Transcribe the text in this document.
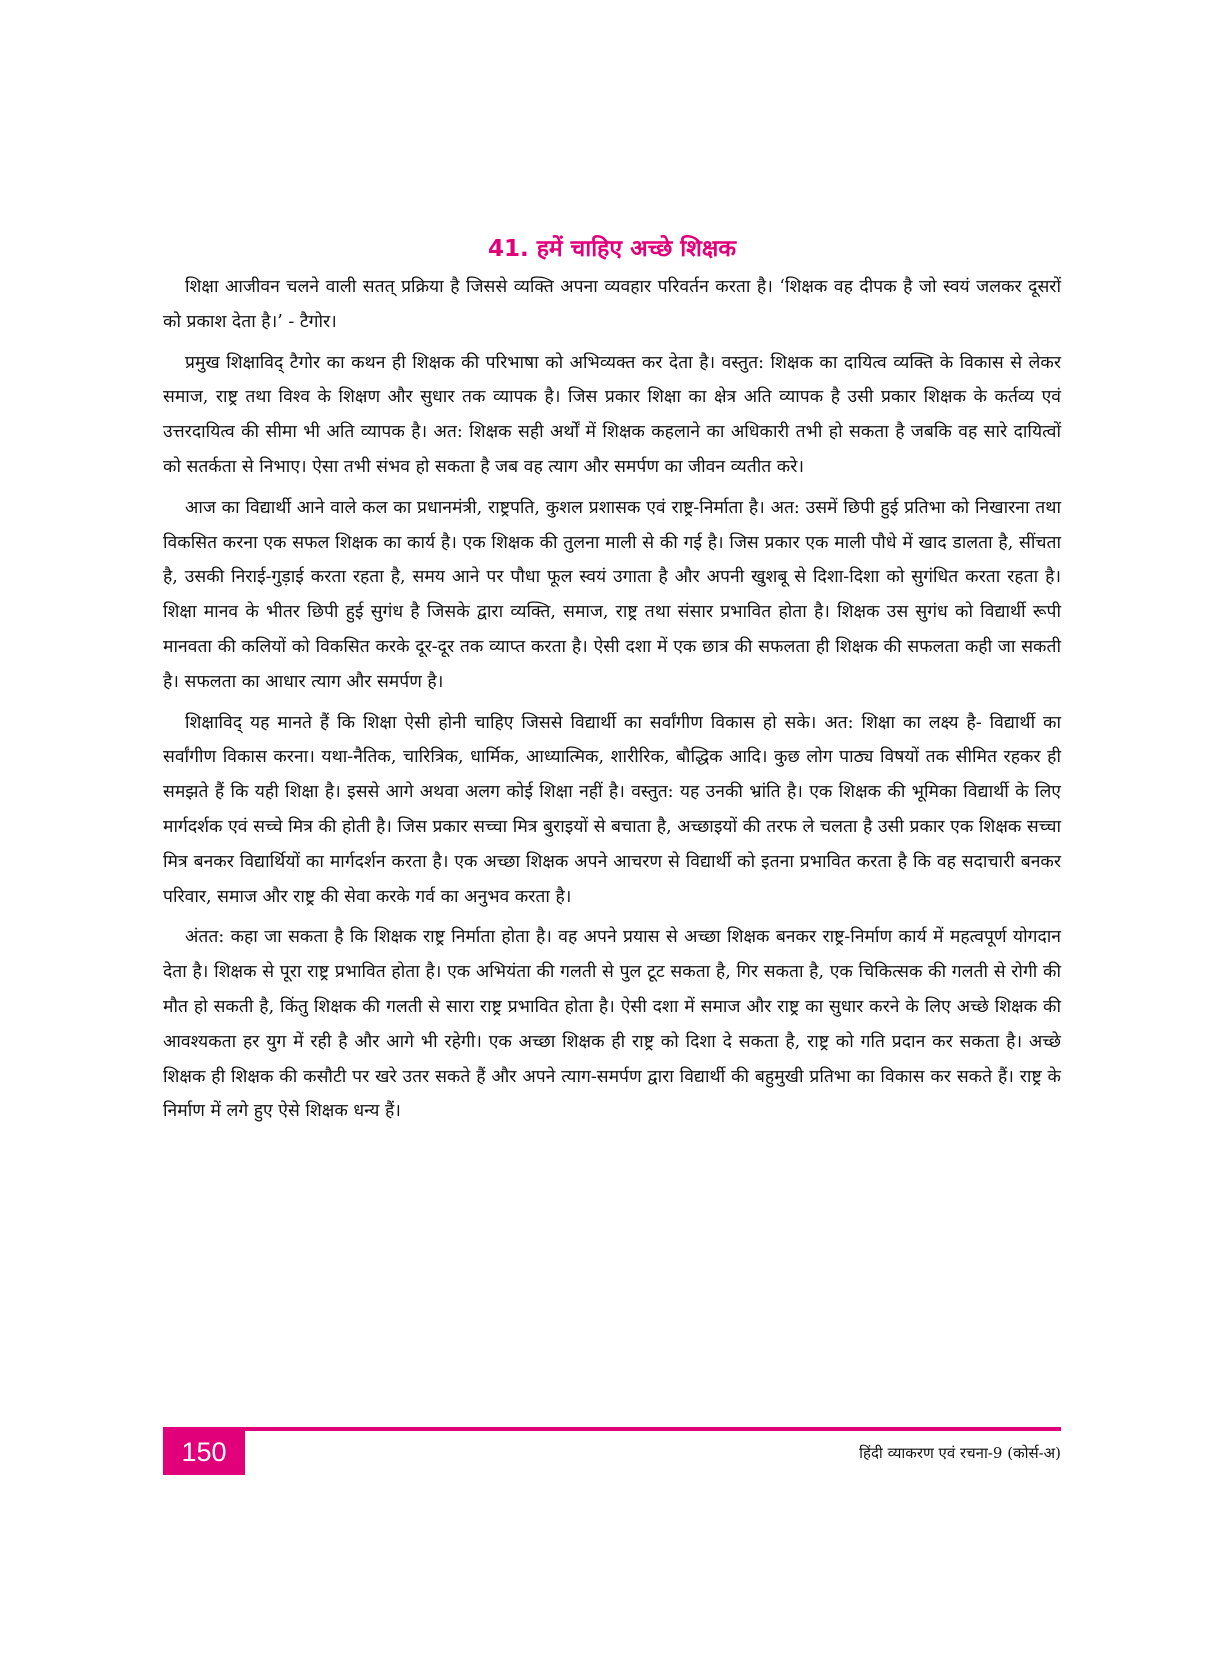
41. हमें चाहिए अच्छे शिक्षक

शिक्षा आजीवन चलने वाली सतत् प्रक्रिया है जिससे व्यक्ति अपना व्यवहार परिवर्तन करता है। ‘शिक्षक वह दीपक है जो स्वयं जलकर दूसरों को प्रकाश देता है।’ - टैगोर।

प्रमुख शिक्षाविद् टैगोर का कथन ही शिक्षक की परिभाषा को अभिव्यक्त कर देता है। वस्तुत: शिक्षक का दायित्व व्यक्ति के विकास से लेकर समाज, राष्ट्र तथा विश्व के शिक्षण और सुधार तक व्यापक है। जिस प्रकार शिक्षा का क्षेत्र अति व्यापक है उसी प्रकार शिक्षक के कर्तव्य एवं उत्तरदायित्व की सीमा भी अति व्यापक है। अत: शिक्षक सही अर्थों में शिक्षक कहलाने का अधिकारी तभी हो सकता है जबकि वह सारे दायित्वों को सतर्कता से निभाए। ऐसा तभी संभव हो सकता है जब वह त्याग और समर्पण का जीवन व्यतीत करे।

आज का विद्यार्थी आने वाले कल का प्रधानमंत्री, राष्ट्रपति, कुशल प्रशासक एवं राष्ट्र-निर्माता है। अत: उसमें छिपी हुई प्रतिभा को निखारना तथा विकसित करना एक सफल शिक्षक का कार्य है। एक शिक्षक की तुलना माली से की गई है। जिस प्रकार एक माली पौधे में खाद डालता है, सींचता है, उसकी निराई-गुड़ाई करता रहता है, समय आने पर पौधा फूल स्वयं उगाता है और अपनी खुशबू से दिशा-दिशा को सुगंधित करता रहता है। शिक्षा मानव के भीतर छिपी हुई सुगंध है जिसके द्वारा व्यक्ति, समाज, राष्ट्र तथा संसार प्रभावित होता है। शिक्षक उस सुगंध को विद्यार्थी रूपी मानवता की कलियों को विकसित करके दूर-दूर तक व्याप्त करता है। ऐसी दशा में एक छात्र की सफलता ही शिक्षक की सफलता कही जा सकती है। सफलता का आधार त्याग और समर्पण है।

शिक्षाविद् यह मानते हैं कि शिक्षा ऐसी होनी चाहिए जिससे विद्यार्थी का सर्वांगीण विकास हो सके। अत: शिक्षा का लक्ष्य है- विद्यार्थी का सर्वांगीण विकास करना। यथा-नैतिक, चारित्रिक, धार्मिक, आध्यात्मिक, शारीरिक, बौद्धिक आदि। कुछ लोग पाठ्य विषयों तक सीमित रहकर ही समझते हैं कि यही शिक्षा है। इससे आगे अथवा अलग कोई शिक्षा नहीं है। वस्तुत: यह उनकी भ्रांति है। एक शिक्षक की भूमिका विद्यार्थी के लिए मार्गदर्शक एवं सच्चे मित्र की होती है। जिस प्रकार सच्चा मित्र बुराइयों से बचाता है, अच्छाइयों की तरफ ले चलता है उसी प्रकार एक शिक्षक सच्चा मित्र बनकर विद्यार्थियों का मार्गदर्शन करता है। एक अच्छा शिक्षक अपने आचरण से विद्यार्थी को इतना प्रभावित करता है कि वह सदाचारी बनकर परिवार, समाज और राष्ट्र की सेवा करके गर्व का अनुभव करता है।

अंतत: कहा जा सकता है कि शिक्षक राष्ट्र निर्माता होता है। वह अपने प्रयास से अच्छा शिक्षक बनकर राष्ट्र-निर्माण कार्य में महत्वपूर्ण योगदान देता है। शिक्षक से पूरा राष्ट्र प्रभावित होता है। एक अभियंता की गलती से पुल टूट सकता है, गिर सकता है, एक चिकित्सक की गलती से रोगी की मौत हो सकती है, किंतु शिक्षक की गलती से सारा राष्ट्र प्रभावित होता है। ऐसी दशा में समाज और राष्ट्र का सुधार करने के लिए अच्छे शिक्षक की आवश्यकता हर युग में रही है और आगे भी रहेगी। एक अच्छा शिक्षक ही राष्ट्र को दिशा दे सकता है, राष्ट्र को गति प्रदान कर सकता है। अच्छे शिक्षक ही शिक्षक की कसौटी पर खरे उतर सकते हैं और अपने त्याग-समर्पण द्वारा विद्यार्थी की बहुमुखी प्रतिभा का विकास कर सकते हैं। राष्ट्र के निर्माण में लगे हुए ऐसे शिक्षक धन्य हैं।

150	हिंदी व्याकरण एवं रचना-9 (कोर्स-अ)
